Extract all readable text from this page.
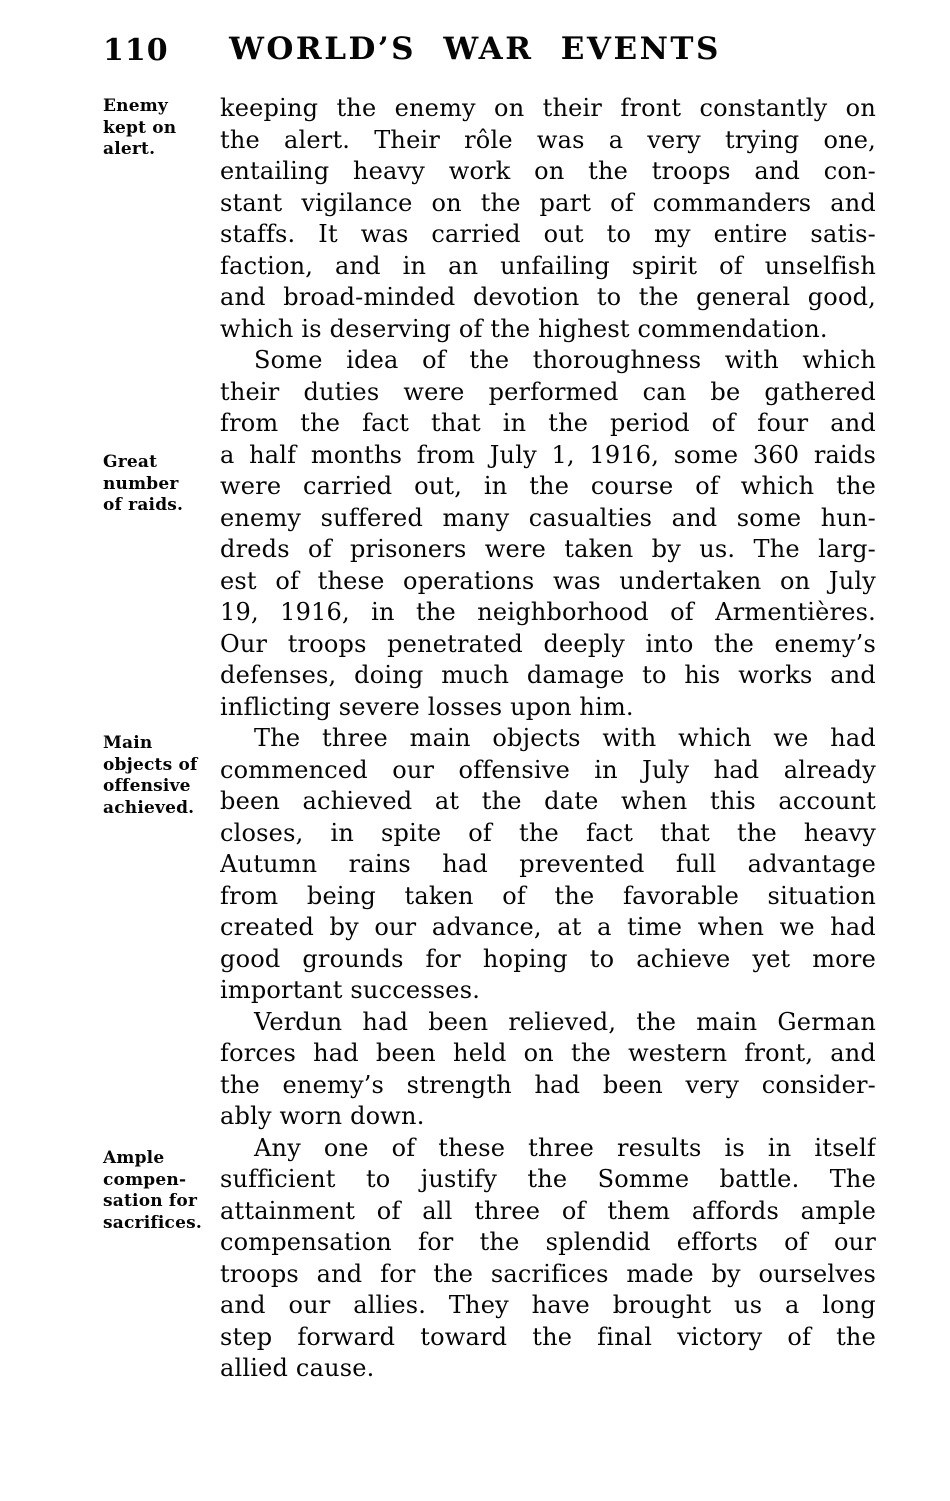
110	WORLD’S WAR EVENTS
Enemy
kept on
alert.
Great
number
of raids.
Main
objects of
offensive
achieved.
Ample
compen-
sation for
sacrifices.
keeping the enemy on their front constantly on
the alert. Their rôle was a very trying one,
entailing heavy work on the troops and con-
stant vigilance on the part of commanders and
staffs. It was carried out to my entire satis-
faction, and in an unfailing spirit of unselfish
and broad-minded devotion to the general good,
which is deserving of the highest commendation.
Some idea of the thoroughness with which
their duties were performed can be gathered
from the fact that in the period of four and
a half months from July 1, 1916, some 360 raids
were carried out, in the course of which the
enemy suffered many casualties and some hun-
dreds of prisoners were taken by us. The larg-
est of these operations was undertaken on July
19, 1916, in the neighborhood of Armentières.
Our troops penetrated deeply into the enemy’s
defenses, doing much damage to his works and
inflicting severe losses upon him.
The three main objects with which we had
commenced our offensive in July had already
been achieved at the date when this account
closes, in spite of the fact that the heavy
Autumn rains had prevented full advantage
from being taken of the favorable situation
created by our advance, at a time when we had
good grounds for hoping to achieve yet more
important successes.
Verdun had been relieved, the main German
forces had been held on the western front, and
the enemy’s strength had been very consider-
ably worn down.
Any one of these three results is in itself
sufficient to justify the Somme battle. The
attainment of all three of them affords ample
compensation for the splendid efforts of our
troops and for the sacrifices made by ourselves
and our allies. They have brought us a long
step forward toward the final victory of the
allied cause.
